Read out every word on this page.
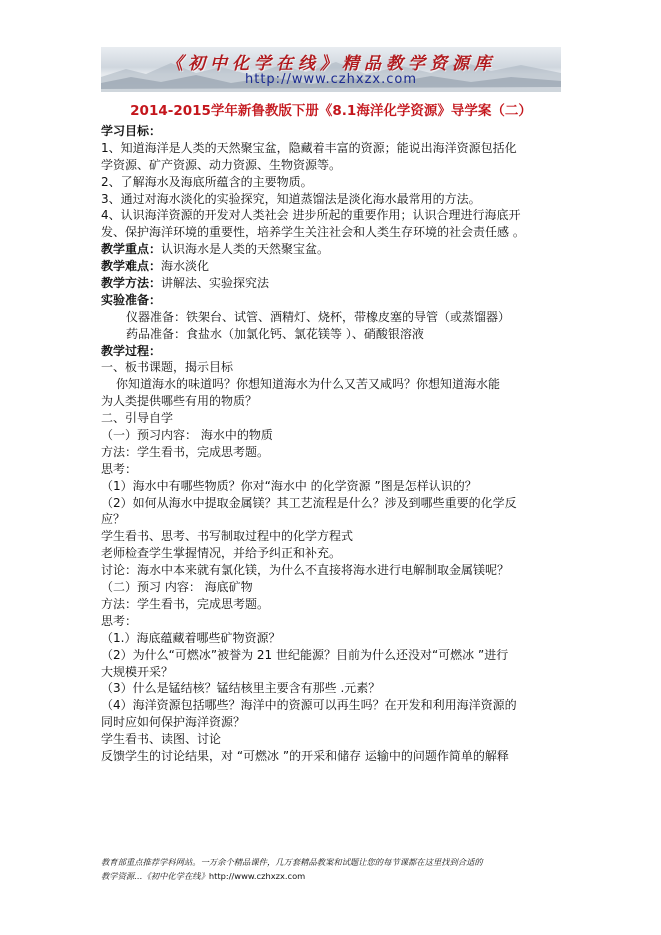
《初中化学在线》精品教学资源库
http://www.czhxzx.com
2014-2015学年新鲁教版下册《8.1海洋化学资源》导学案（二）
学习目标：
1、知道海洋是人类的天然聚宝盆，隐藏着丰富的资源；能说出海洋资源包括化
学资源、矿产资源、动力资源、生物资源等。
2、了解海水及海底所蕴含的主要物质。
3、通过对海水淡化的实验探究，知道蒸馏法是淡化海水最常用的方法。
4、认识海洋资源的开发对人类社会 进步所起的重要作用；认识合理进行海底开
发、保护海洋环境的重要性，培养学生关注社会和人类生存环境的社会责任感 。
教学重点：认识海水是人类的天然聚宝盆。
教学难点：海水淡化
教学方法：讲解法、实验探究法
实验准备：
仪器准备：铁架台、试管、酒精灯、烧杯，带橡皮塞的导管（或蒸馏器）
药品准备：食盐水（加氯化钙、氯花镁等 ）、硝酸银溶液
教学过程：
一、板书课题，揭示目标
你知道海水的味道吗？你想知道海水为什么又苦又咸吗？你想知道海水能
为人类提供哪些有用的物质？
二、引导自学
（一）预习内容： 海水中的物质
方法：学生看书，完成思考题。
思考：
（1）海水中有哪些物质？你对“海水中 的化学资源 ”图是怎样认识的？
（2）如何从海水中提取金属镁？其工艺流程是什么？涉及到哪些重要的化学反
应？
学生看书、思考、书写制取过程中的化学方程式
老师检查学生掌握情况，并给予纠正和补充。
讨论：海水中本来就有氯化镁，为什么不直接将海水进行电解制取金属镁呢？
（二）预习 内容： 海底矿物
方法：学生看书，完成思考题。
思考：
（1.）海底蕴藏着哪些矿物资源？
（2）为什么“可燃冰”被誉为 21 世纪能源？目前为什么还没对“可燃冰 ”进行
大规模开采？
（3）什么是锰结核？锰结核里主要含有那些 .元素？
（4）海洋资源包括哪些？海洋中的资源可以再生吗？在开发和利用海洋资源的
同时应如何保护海洋资源？
学生看书、读图、讨论
反馈学生的讨论结果，对 “可燃冰 ”的开采和储存 运输中的问题作简单的解释
教育部重点推荐学科网站。一万余个精品课件，几万套精品教案和试题让您的每节课都在这里找到合适的
教学资源…《初中化学在线》http://www.czhxzx.com
